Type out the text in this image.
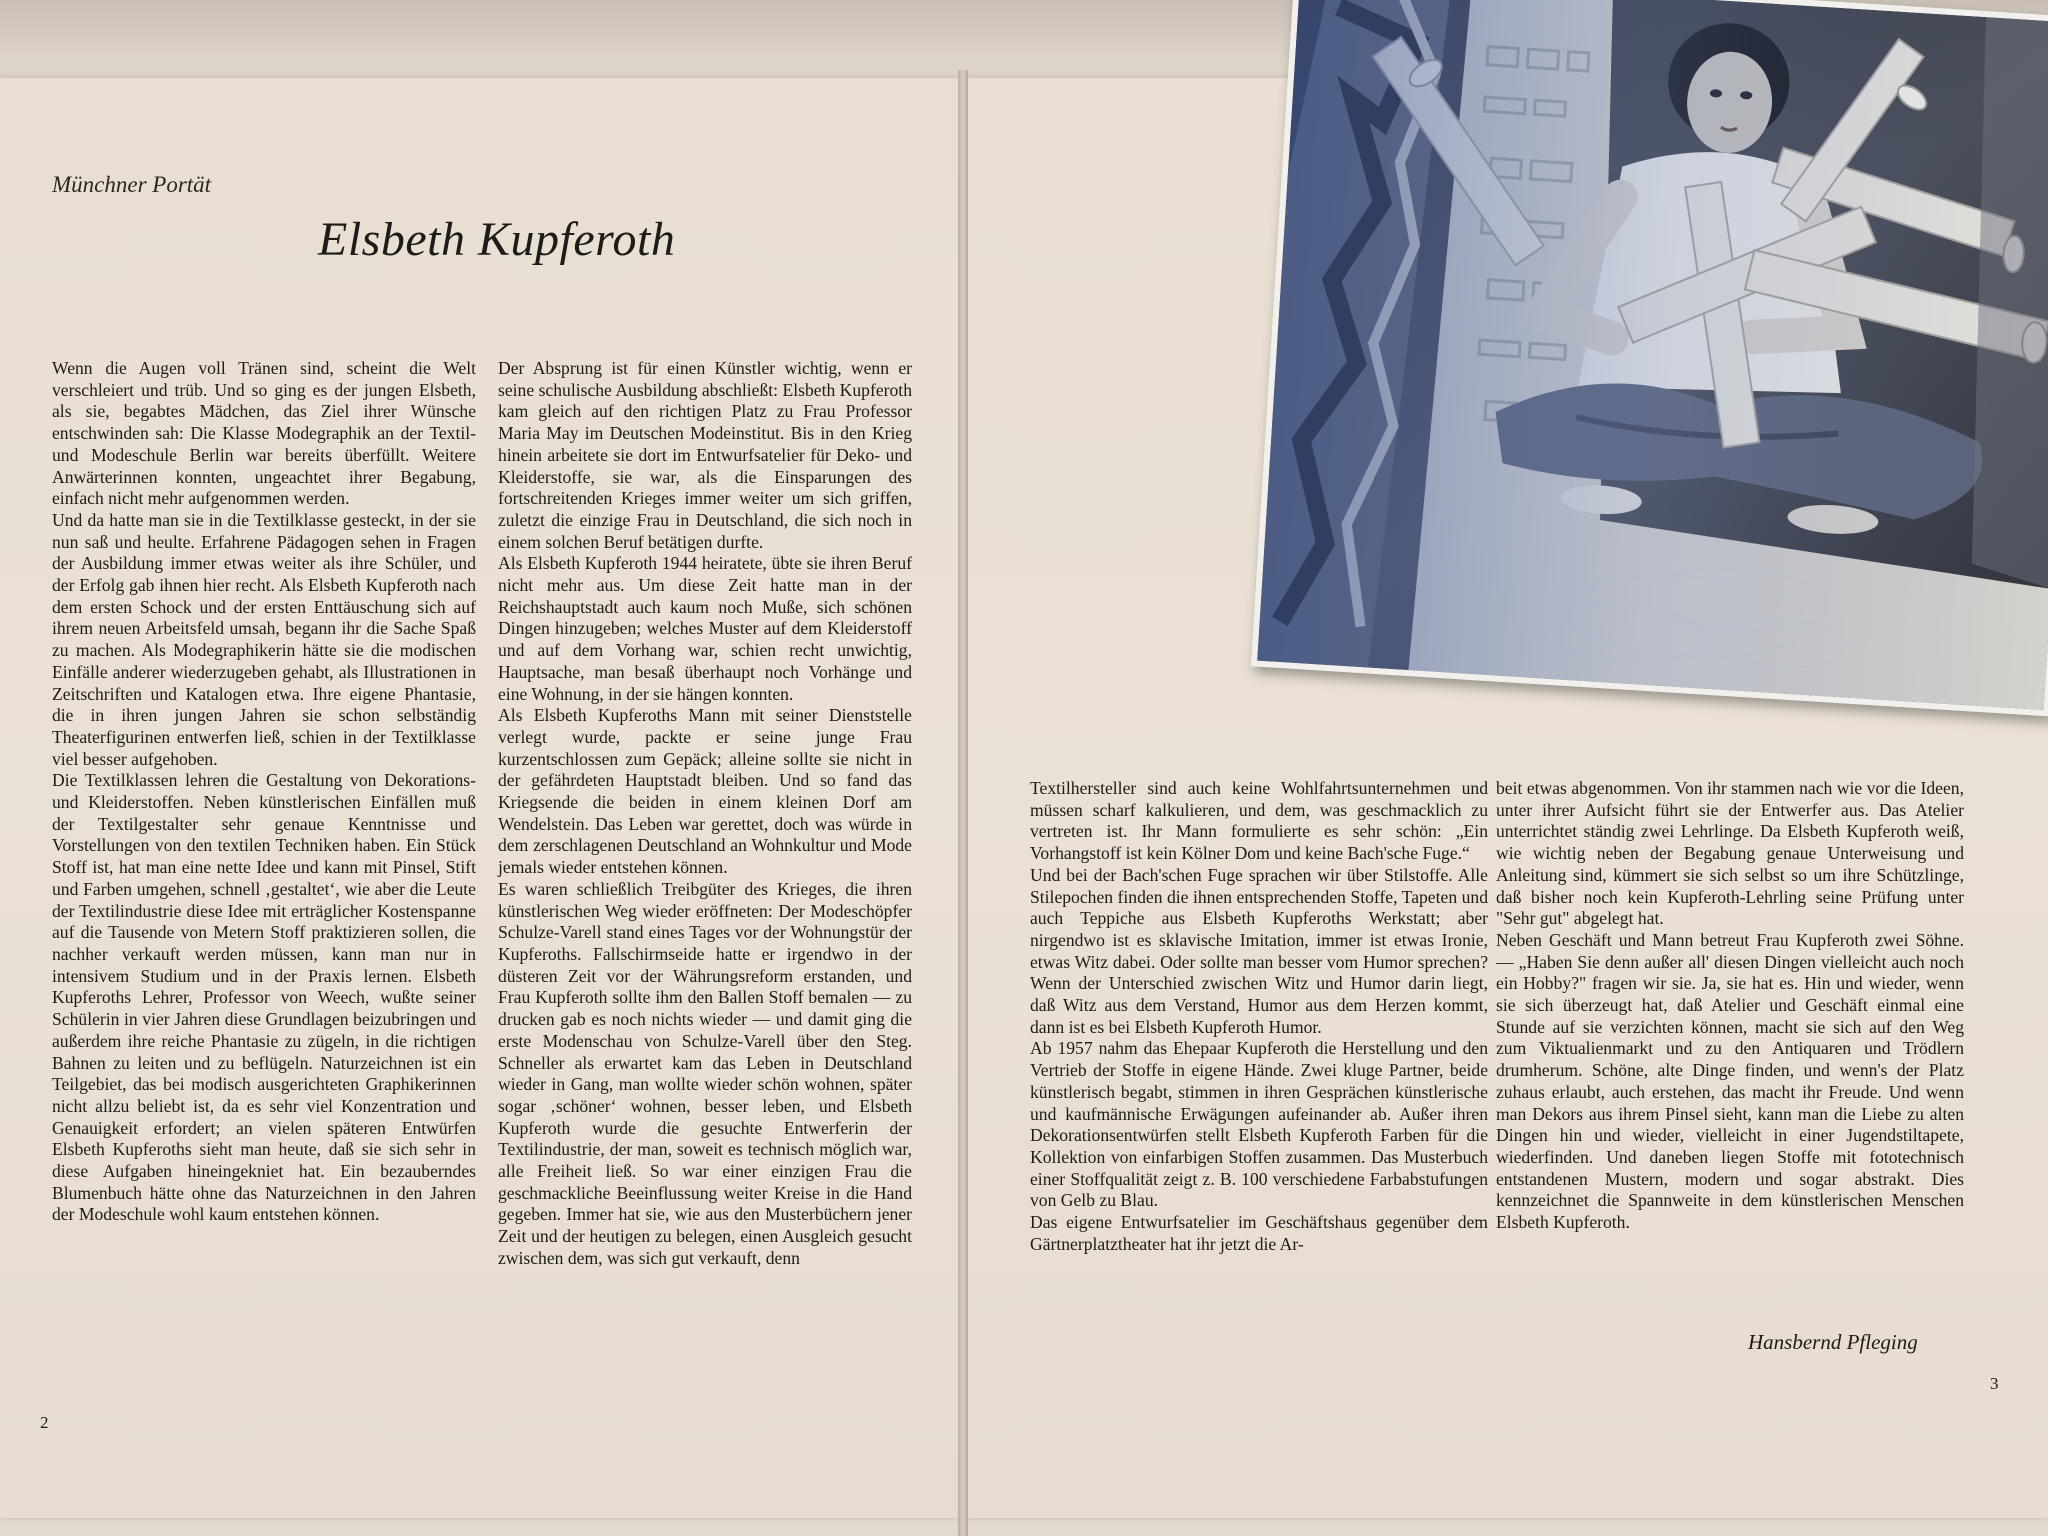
Münchner Portät
Elsbeth Kupferoth

Wenn die Augen voll Tränen sind, scheint die Welt verschleiert und trüb. Und so ging es der jungen Elsbeth, als sie, begabtes Mädchen, das Ziel ihrer Wünsche entschwinden sah: Die Klasse Modegraphik an der Textil- und Modeschule Berlin war bereits überfüllt. Weitere Anwärterinnen konnten, ungeachtet ihrer Begabung, einfach nicht mehr aufgenommen werden.

Und da hatte man sie in die Textilklasse gesteckt, in der sie nun saß und heulte. Erfahrene Pädagogen sehen in Fragen der Ausbildung immer etwas weiter als ihre Schüler, und der Erfolg gab ihnen hier recht. Als Elsbeth Kupferoth nach dem ersten Schock und der ersten Enttäuschung sich auf ihrem neuen Arbeitsfeld umsah, begann ihr die Sache Spaß zu machen. Als Modegraphikerin hätte sie die modischen Einfälle anderer wiederzugeben gehabt, als Illustrationen in Zeitschriften und Katalogen etwa. Ihre eigene Phantasie, die in ihren jungen Jahren sie schon selbständig Theaterfigurinen entwerfen ließ, schien in der Textilklasse viel besser aufgehoben.

Die Textilklassen lehren die Gestaltung von Dekorations- und Kleiderstoffen. Neben künstlerischen Einfällen muß der Textilgestalter sehr genaue Kenntnisse und Vorstellungen von den textilen Techniken haben. Ein Stück Stoff ist, hat man eine nette Idee und kann mit Pinsel, Stift und Farben umgehen, schnell ‚gestaltet‘, wie aber die Leute der Textilindustrie diese Idee mit erträglicher Kostenspanne auf die Tausende von Metern Stoff praktizieren sollen, die nachher verkauft werden müssen, kann man nur in intensivem Studium und in der Praxis lernen. Elsbeth Kupferoths Lehrer, Professor von Weech, wußte seiner Schülerin in vier Jahren diese Grundlagen beizubringen und außerdem ihre reiche Phantasie zu zügeln, in die richtigen Bahnen zu leiten und zu beflügeln. Naturzeichnen ist ein Teilgebiet, das bei modisch ausgerichteten Graphikerinnen nicht allzu beliebt ist, da es sehr viel Konzentration und Genauigkeit erfordert; an vielen späteren Entwürfen Elsbeth Kupferoths sieht man heute, daß sie sich sehr in diese Aufgaben hineingekniet hat. Ein bezauberndes Blumenbuch hätte ohne das Naturzeichnen in den Jahren der Modeschule wohl kaum entstehen können.

Der Absprung ist für einen Künstler wichtig, wenn er seine schulische Ausbildung abschließt: Elsbeth Kupferoth kam gleich auf den richtigen Platz zu Frau Professor Maria May im Deutschen Modeinstitut. Bis in den Krieg hinein arbeitete sie dort im Entwurfsatelier für Deko- und Kleiderstoffe, sie war, als die Einsparungen des fortschreitenden Krieges immer weiter um sich griffen, zuletzt die einzige Frau in Deutschland, die sich noch in einem solchen Beruf betätigen durfte.

Als Elsbeth Kupferoth 1944 heiratete, übte sie ihren Beruf nicht mehr aus. Um diese Zeit hatte man in der Reichshauptstadt auch kaum noch Muße, sich schönen Dingen hinzugeben; welches Muster auf dem Kleiderstoff und auf dem Vorhang war, schien recht unwichtig, Hauptsache, man besaß überhaupt noch Vorhänge und eine Wohnung, in der sie hängen konnten.

Als Elsbeth Kupferoths Mann mit seiner Dienststelle verlegt wurde, packte er seine junge Frau kurzentschlossen zum Gepäck; alleine sollte sie nicht in der gefährdeten Hauptstadt bleiben. Und so fand das Kriegsende die beiden in einem kleinen Dorf am Wendelstein. Das Leben war gerettet, doch was würde in dem zerschlagenen Deutschland an Wohnkultur und Mode jemals wieder entstehen können.

Es waren schließlich Treibgüter des Krieges, die ihren künstlerischen Weg wieder eröffneten: Der Modeschöpfer Schulze-Varell stand eines Tages vor der Wohnungstür der Kupferoths. Fallschirmseide hatte er irgendwo in der düsteren Zeit vor der Währungsreform erstanden, und Frau Kupferoth sollte ihm den Ballen Stoff bemalen — zu drucken gab es noch nichts wieder — und damit ging die erste Modenschau von Schulze-Varell über den Steg. Schneller als erwartet kam das Leben in Deutschland wieder in Gang, man wollte wieder schön wohnen, später sogar ‚schöner‘ wohnen, besser leben, und Elsbeth Kupferoth wurde die gesuchte Entwerferin der Textilindustrie, der man, soweit es technisch möglich war, alle Freiheit ließ. So war einer einzigen Frau die geschmackliche Beeinflussung weiter Kreise in die Hand gegeben. Immer hat sie, wie aus den Musterbüchern jener Zeit und der heutigen zu belegen, einen Ausgleich gesucht zwischen dem, was sich gut verkauft, denn

2

Textilhersteller sind auch keine Wohlfahrtsunternehmen und müssen scharf kalkulieren, und dem, was geschmacklich zu vertreten ist. Ihr Mann formulierte es sehr schön: „Ein Vorhangstoff ist kein Kölner Dom und keine Bach'sche Fuge.“

Und bei der Bach'schen Fuge sprachen wir über Stilstoffe. Alle Stilepochen finden die ihnen entsprechenden Stoffe, Tapeten und auch Teppiche aus Elsbeth Kupferoths Werkstatt; aber nirgendwo ist es sklavische Imitation, immer ist etwas Ironie, etwas Witz dabei. Oder sollte man besser vom Humor sprechen? Wenn der Unterschied zwischen Witz und Humor darin liegt, daß Witz aus dem Verstand, Humor aus dem Herzen kommt, dann ist es bei Elsbeth Kupferoth Humor.

Ab 1957 nahm das Ehepaar Kupferoth die Herstellung und den Vertrieb der Stoffe in eigene Hände. Zwei kluge Partner, beide künstlerisch begabt, stimmen in ihren Gesprächen künstlerische und kaufmännische Erwägungen aufeinander ab. Außer ihren Dekorationsentwürfen stellt Elsbeth Kupferoth Farben für die Kollektion von einfarbigen Stoffen zusammen. Das Musterbuch einer Stoffqualität zeigt z. B. 100 verschiedene Farbabstufungen von Gelb zu Blau.

Das eigene Entwurfsatelier im Geschäftshaus gegenüber dem Gärtnerplatztheater hat ihr jetzt die Ar-

beit etwas abgenommen. Von ihr stammen nach wie vor die Ideen, unter ihrer Aufsicht führt sie der Entwerfer aus. Das Atelier unterrichtet ständig zwei Lehrlinge. Da Elsbeth Kupferoth weiß, wie wichtig neben der Begabung genaue Unterweisung und Anleitung sind, kümmert sie sich selbst so um ihre Schützlinge, daß bisher noch kein Kupferoth-Lehrling seine Prüfung unter "Sehr gut" abgelegt hat.

Neben Geschäft und Mann betreut Frau Kupferoth zwei Söhne. — „Haben Sie denn außer all' diesen Dingen vielleicht auch noch ein Hobby?" fragen wir sie. Ja, sie hat es. Hin und wieder, wenn sie sich überzeugt hat, daß Atelier und Geschäft einmal eine Stunde auf sie verzichten können, macht sie sich auf den Weg zum Viktualienmarkt und zu den Antiquaren und Trödlern drumherum. Schöne, alte Dinge finden, und wenn's der Platz zuhaus erlaubt, auch erstehen, das macht ihr Freude. Und wenn man Dekors aus ihrem Pinsel sieht, kann man die Liebe zu alten Dingen hin und wieder, vielleicht in einer Jugendstiltapete, wiederfinden. Und daneben liegen Stoffe mit fototechnisch entstandenen Mustern, modern und sogar abstrakt. Dies kennzeichnet die Spannweite in dem künstlerischen Menschen Elsbeth Kupferoth.

Hansbernd Pfleging
3
